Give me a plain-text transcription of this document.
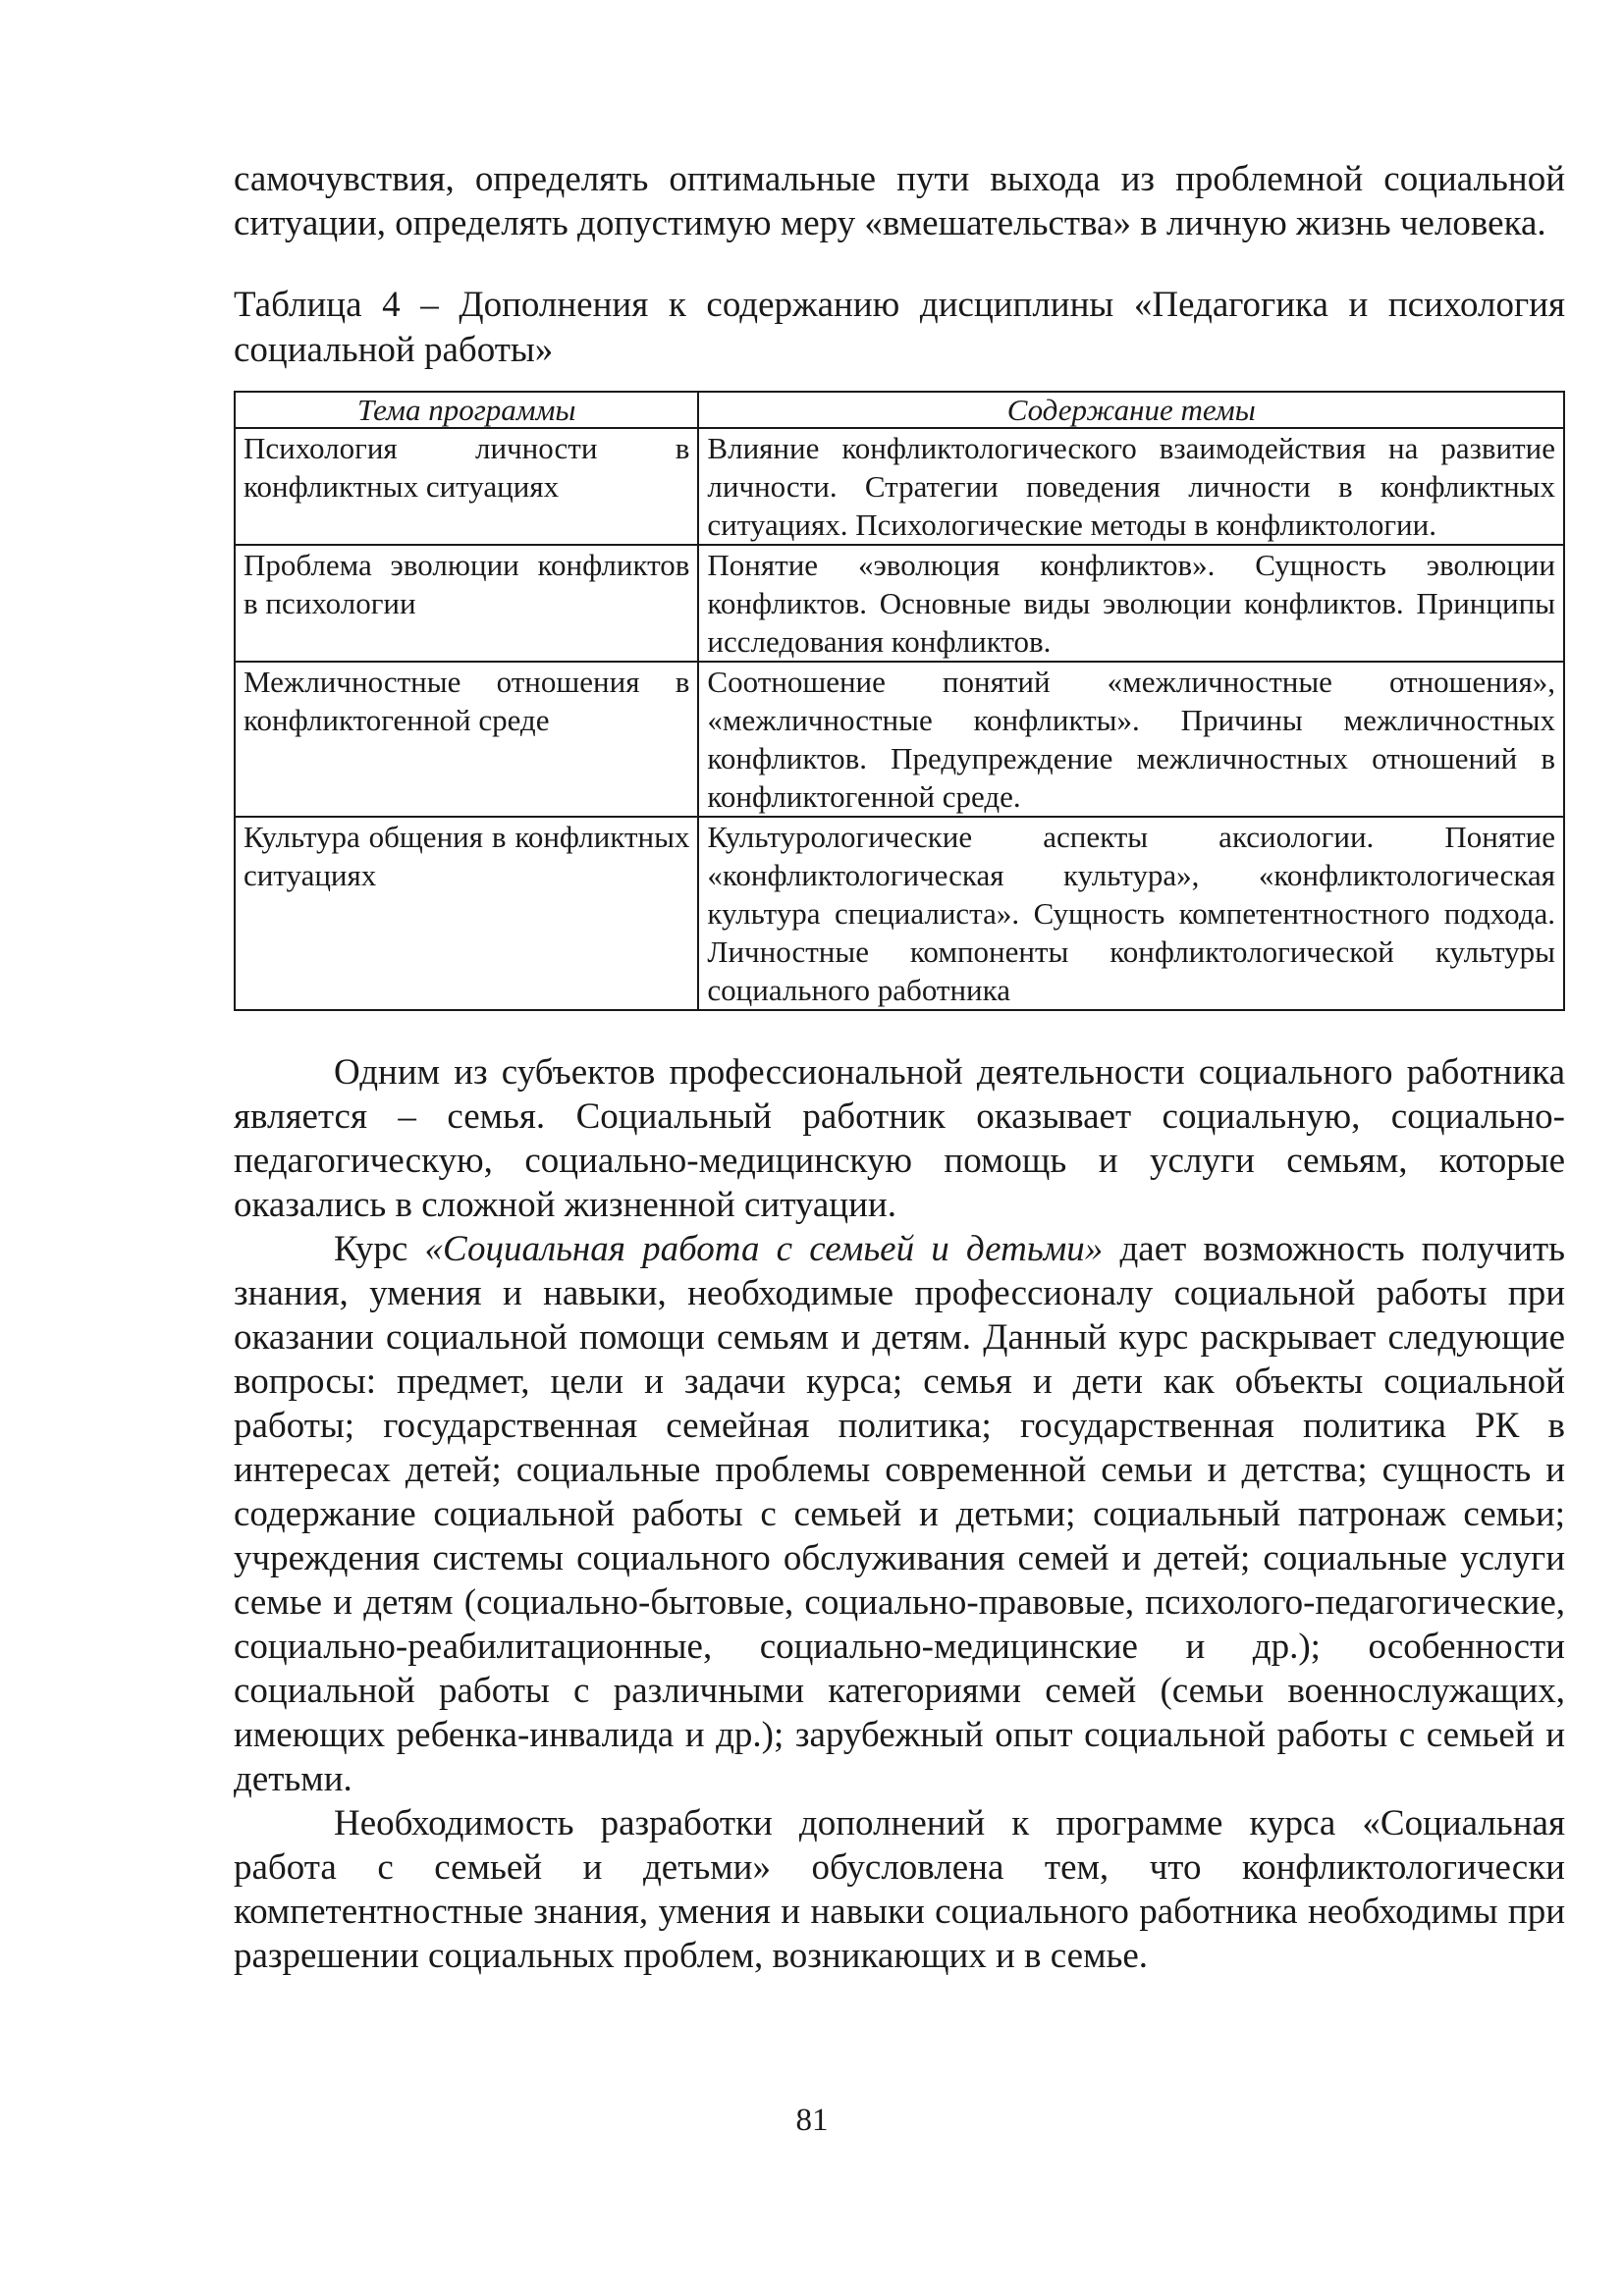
самочувствия, определять оптимальные пути выхода из проблемной социальной ситуации, определять допустимую меру «вмешательства» в личную жизнь человека.

Таблица 4 – Дополнения к содержанию дисциплины «Педагогика и психология социальной работы»

Тема программы	Содержание темы
Психология личности в конфликтных ситуациях	Влияние конфликтологического взаимодействия на развитие личности. Стратегии поведения личности в конфликтных ситуациях. Психологические методы в конфликтологии.
Проблема эволюции конфликтов в психологии	Понятие «эволюция конфликтов». Сущность эволюции конфликтов. Основные виды эволюции конфликтов. Принципы исследования конфликтов.
Межличностные отношения в конфликтогенной среде	Соотношение понятий «межличностные отношения», «межличностные конфликты». Причины межличностных конфликтов. Предупреждение межличностных отношений в конфликтогенной среде.
Культура общения в конфликтных ситуациях	Культурологические аспекты аксиологии. Понятие «конфликтологическая культура», «конфликтологическая культура специалиста». Сущность компетентностного подхода. Личностные компоненты конфликтологической культуры социального работника

Одним из субъектов профессиональной деятельности социального работника является – семья. Социальный работник оказывает социальную, социально-педагогическую, социально-медицинскую помощь и услуги семьям, которые оказались в сложной жизненной ситуации.

Курс «Социальная работа с семьей и детьми» дает возможность получить знания, умения и навыки, необходимые профессионалу социальной работы при оказании социальной помощи семьям и детям. Данный курс раскрывает следующие вопросы: предмет, цели и задачи курса; семья и дети как объекты социальной работы; государственная семейная политика; государственная политика РК в интересах детей; социальные проблемы современной семьи и детства; сущность и содержание социальной работы с семьей и детьми; социальный патронаж семьи; учреждения системы социального обслуживания семей и детей; социальные услуги семье и детям (социально-бытовые, социально-правовые, психолого-педагогические, социально-реабилитационные, социально-медицинские и др.); особенности социальной работы с различными категориями семей (семьи военнослужащих, имеющих ребенка-инвалида и др.); зарубежный опыт социальной работы с семьей и детьми.

Необходимость разработки дополнений к программе курса «Социальная работа с семьей и детьми» обусловлена тем, что конфликтологически компетентностные знания, умения и навыки социального работника необходимы при разрешении социальных проблем, возникающих и в семье.

81
